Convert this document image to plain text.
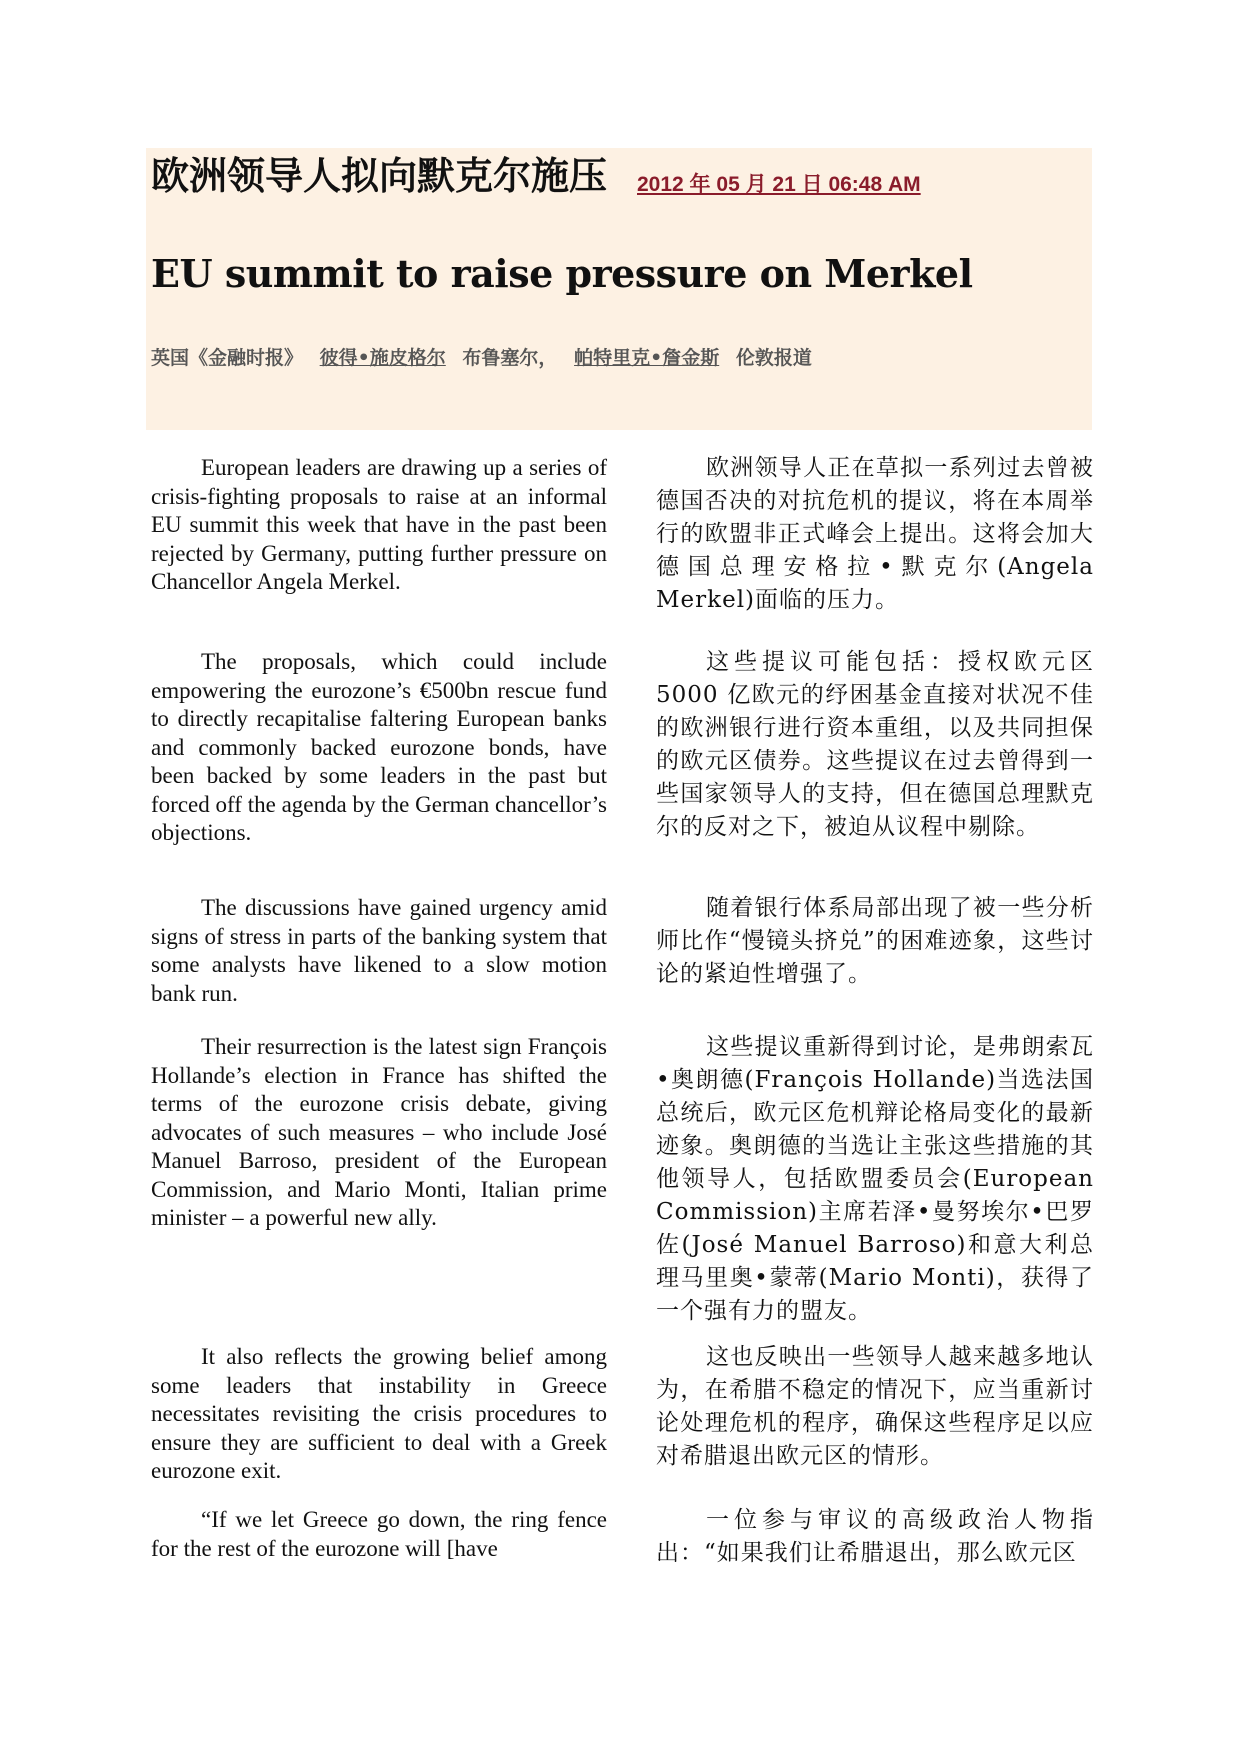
欧洲领导人拟向默克尔施压 2012 年 05 月 21 日 06:48 AM
EU summit to raise pressure on Merkel
英国《金融时报》 彼得•施皮格尔 布鲁塞尔， 帕特里克•詹金斯 伦敦报道

European leaders are drawing up a series of crisis-fighting proposals to raise at an informal EU summit this week that have in the past been rejected by Germany, putting further pressure on Chancellor Angela Merkel.

The proposals, which could include empowering the eurozone’s €500bn rescue fund to directly recapitalise faltering European banks and commonly backed eurozone bonds, have been backed by some leaders in the past but forced off the agenda by the German chancellor’s objections.

The discussions have gained urgency amid signs of stress in parts of the banking system that some analysts have likened to a slow motion bank run.

Their resurrection is the latest sign François Hollande’s election in France has shifted the terms of the eurozone crisis debate, giving advocates of such measures – who include José Manuel Barroso, president of the European Commission, and Mario Monti, Italian prime minister – a powerful new ally.

It also reflects the growing belief among some leaders that instability in Greece necessitates revisiting the crisis procedures to ensure they are sufficient to deal with a Greek eurozone exit.

“If we let Greece go down, the ring fence for the rest of the eurozone will [have

欧洲领导人正在草拟一系列过去曾被德国否决的对抗危机的提议，将在本周举行的欧盟非正式峰会上提出。这将会加大德国总理安格拉•默克尔(Angela Merkel)面临的压力。

这些提议可能包括：授权欧元区5000 亿欧元的纾困基金直接对状况不佳的欧洲银行进行资本重组，以及共同担保的欧元区债券。这些提议在过去曾得到一些国家领导人的支持，但在德国总理默克尔的反对之下，被迫从议程中剔除。

随着银行体系局部出现了被一些分析师比作“慢镜头挤兑”的困难迹象，这些讨论的紧迫性增强了。

这些提议重新得到讨论，是弗朗索瓦•奥朗德(François Hollande)当选法国总统后，欧元区危机辩论格局变化的最新迹象。奥朗德的当选让主张这些措施的其他领导人，包括欧盟委员会(European Commission)主席若泽•曼努埃尔•巴罗佐(José Manuel Barroso)和意大利总理马里奥•蒙蒂(Mario Monti)，获得了一个强有力的盟友。

这也反映出一些领导人越来越多地认为，在希腊不稳定的情况下，应当重新讨论处理危机的程序，确保这些程序足以应对希腊退出欧元区的情形。

一位参与审议的高级政治人物指出：“如果我们让希腊退出，那么欧元区
